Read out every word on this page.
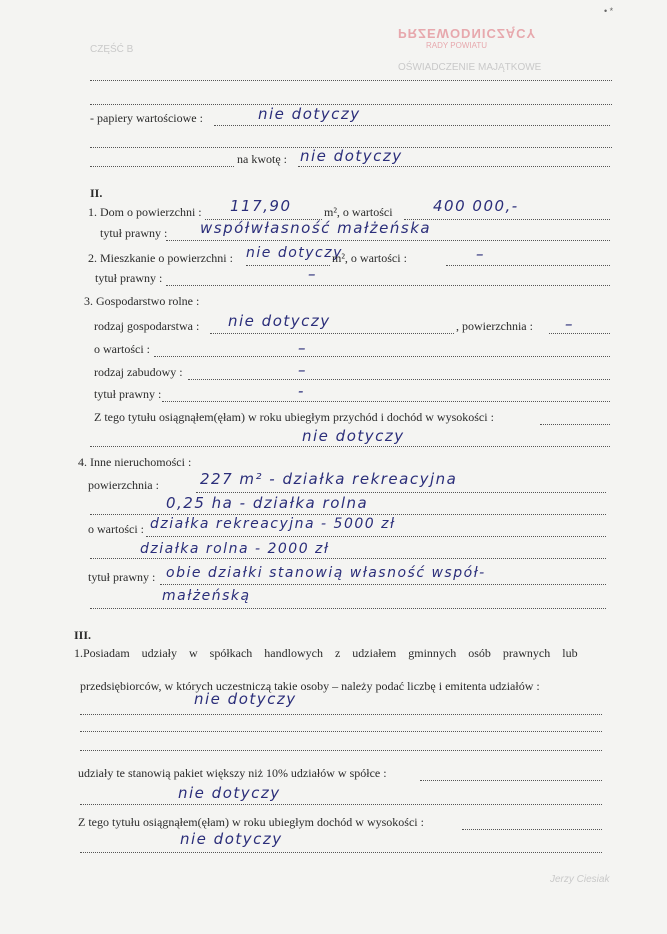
CZĘŚĆ B
OŚWIADCZENIE MAJĄTKOWE
PRZEWODNICZĄCY
RADY POWIATU
• *
- papiery wartościowe :	nie dotyczy
na kwotę : nie dotyczy
II.
1. Dom o powierzchni : 117,90	m², o wartości	400 000,-
tytuł prawny : współwłasność małżeńska
2. Mieszkanie o powierzchni : nie dotyczy
m², o wartości :	–
tytuł prawny :	–
3. Gospodarstwo rolne :
rodzaj gospodarstwa : nie dotyczy	, powierzchnia : –
o wartości :	–
rodzaj zabudowy :	–
tytuł prawny :	-
Z tego tytułu osiągnąłem(ęłam) w roku ubiegłym przychód i dochód w wysokości :
nie dotyczy
4. Inne nieruchomości :
powierzchnia :	227 m² - działka rekreacyjna
0,25 ha - działka rolna
o wartości : działka rekreacyjna - 5000 zł
działka rolna - 2000 zł
tytuł prawny : obie działki stanowią własność współ-
małżeńską
III.
1.Posiadam udziały w spółkach handlowych z udziałem gminnych osób prawnych lub
przedsiębiorców, w których uczestniczą takie osoby – należy podać liczbę i emitenta udziałów :
nie dotyczy
udziały te stanowią pakiet większy niż 10% udziałów w spółce :
nie dotyczy
Z tego tytułu osiągnąłem(ęłam) w roku ubiegłym dochód w wysokości :
nie dotyczy
Jerzy Ciesiak
